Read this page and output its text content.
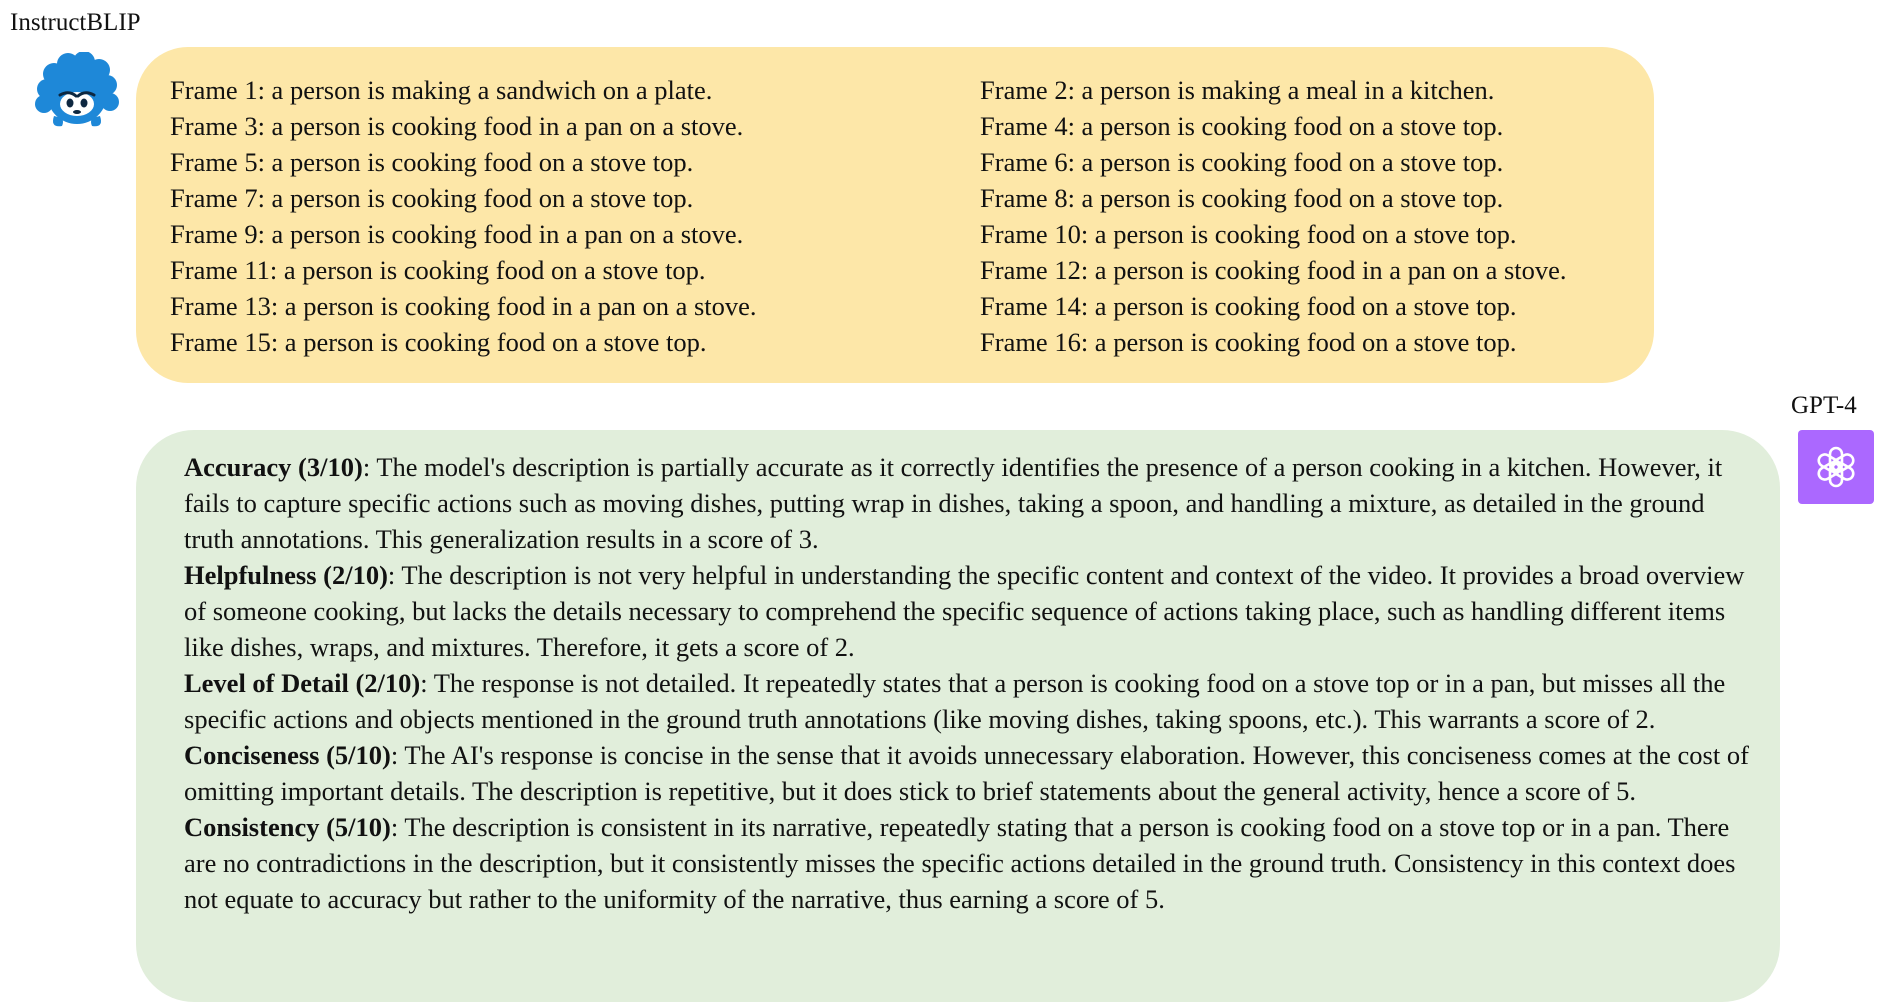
InstructBLIP
Frame 1: a person is making a sandwich on a plate.	Frame 2: a person is making a meal in a kitchen.
Frame 3: a person is cooking food in a pan on a stove.	Frame 4: a person is cooking food on a stove top.
Frame 5: a person is cooking food on a stove top.	Frame 6: a person is cooking food on a stove top.
Frame 7: a person is cooking food on a stove top.	Frame 8: a person is cooking food on a stove top.
Frame 9: a person is cooking food in a pan on a stove.	Frame 10: a person is cooking food on a stove top.
Frame 11: a person is cooking food on a stove top.	Frame 12: a person is cooking food in a pan on a stove.
Frame 13: a person is cooking food in a pan on a stove.	Frame 14: a person is cooking food on a stove top.
Frame 15: a person is cooking food on a stove top.	Frame 16: a person is cooking food on a stove top.
GPT-4

Accuracy (3/10): The model's description is partially accurate as it correctly identifies the presence of a person cooking in a kitchen. However, it fails to capture specific actions such as moving dishes, putting wrap in dishes, taking a spoon, and handling a mixture, as detailed in the ground truth annotations. This generalization results in a score of 3.

Helpfulness (2/10): The description is not very helpful in understanding the specific content and context of the video. It provides a broad overview of someone cooking, but lacks the details necessary to comprehend the specific sequence of actions taking place, such as handling different items like dishes, wraps, and mixtures. Therefore, it gets a score of 2.

Level of Detail (2/10): The response is not detailed. It repeatedly states that a person is cooking food on a stove top or in a pan, but misses all the specific actions and objects mentioned in the ground truth annotations (like moving dishes, taking spoons, etc.). This warrants a score of 2.

Conciseness (5/10): The AI's response is concise in the sense that it avoids unnecessary elaboration. However, this conciseness comes at the cost of omitting important details. The description is repetitive, but it does stick to brief statements about the general activity, hence a score of 5.

Consistency (5/10): The description is consistent in its narrative, repeatedly stating that a person is cooking food on a stove top or in a pan. There are no contradictions in the description, but it consistently misses the specific actions detailed in the ground truth. Consistency in this context does not equate to accuracy but rather to the uniformity of the narrative, thus earning a score of 5.
